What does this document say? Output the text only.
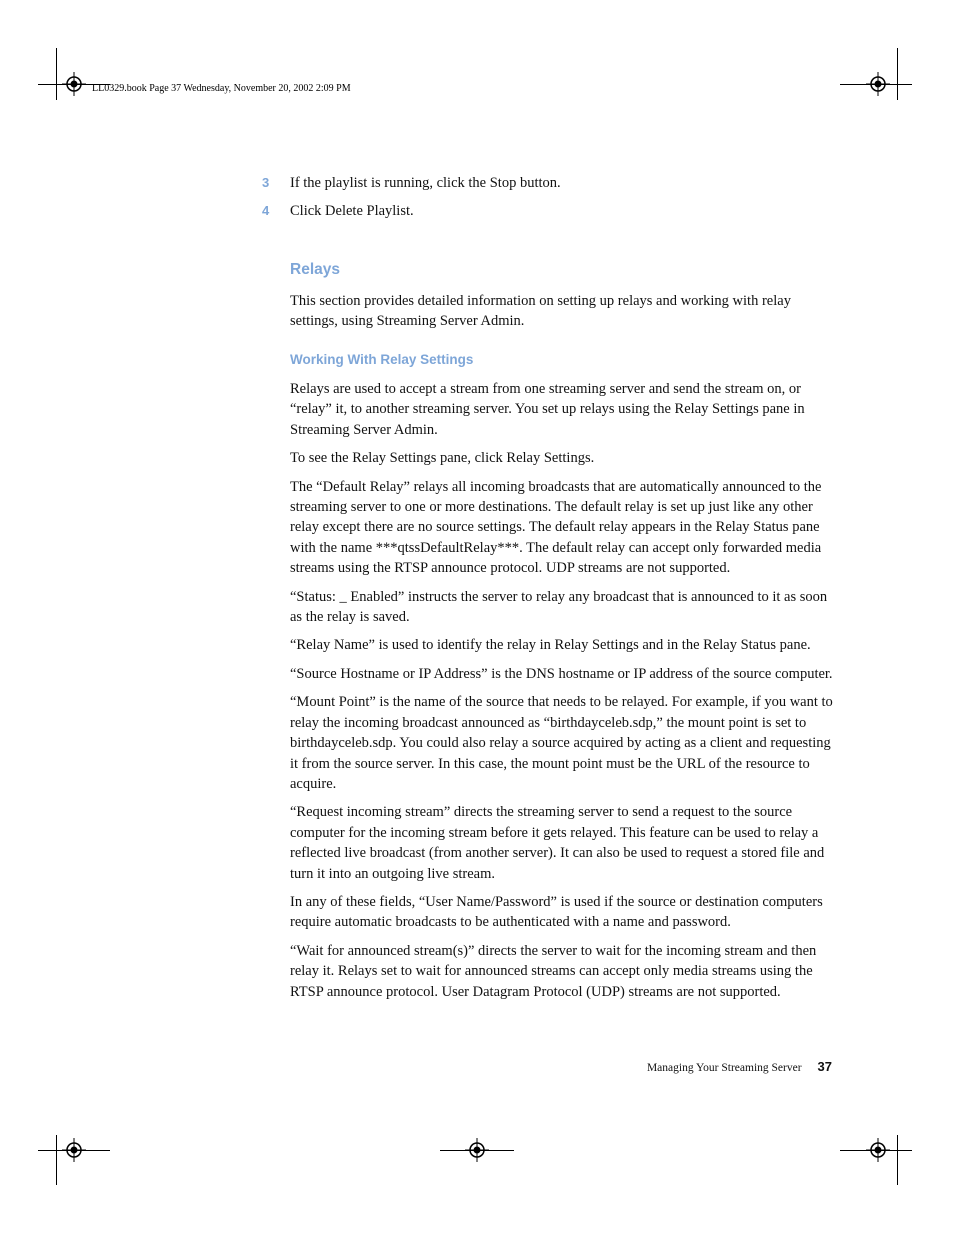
LL0329.book Page 37 Wednesday, November 20, 2002 2:09 PM
3 If the playlist is running, click the Stop button.
4 Click Delete Playlist.
Relays

This section provides detailed information on setting up relays and working with relay settings, using Streaming Server Admin.

Working With Relay Settings

Relays are used to accept a stream from one streaming server and send the stream on, or “relay” it, to another streaming server. You set up relays using the Relay Settings pane in Streaming Server Admin.

To see the Relay Settings pane, click Relay Settings.

The “Default Relay” relays all incoming broadcasts that are automatically announced to the streaming server to one or more destinations. The default relay is set up just like any other relay except there are no source settings. The default relay appears in the Relay Status pane with the name ***qtssDefaultRelay***. The default relay can accept only forwarded media streams using the RTSP announce protocol. UDP streams are not supported.

“Status: _ Enabled” instructs the server to relay any broadcast that is announced to it as soon as the relay is saved.

“Relay Name” is used to identify the relay in Relay Settings and in the Relay Status pane.

“Source Hostname or IP Address” is the DNS hostname or IP address of the source computer.

“Mount Point” is the name of the source that needs to be relayed. For example, if you want to relay the incoming broadcast announced as “birthdayceleb.sdp,” the mount point is set to birthdayceleb.sdp. You could also relay a source acquired by acting as a client and requesting it from the source server. In this case, the mount point must be the URL of the resource to acquire.

“Request incoming stream” directs the streaming server to send a request to the source computer for the incoming stream before it gets relayed. This feature can be used to relay a reflected live broadcast (from another server). It can also be used to request a stored file and turn it into an outgoing live stream.

In any of these fields, “User Name/Password” is used if the source or destination computers require automatic broadcasts to be authenticated with a name and password.

“Wait for announced stream(s)” directs the server to wait for the incoming stream and then relay it. Relays set to wait for announced streams can accept only media streams using the RTSP announce protocol. User Datagram Protocol (UDP) streams are not supported.

Managing Your Streaming Server 37
